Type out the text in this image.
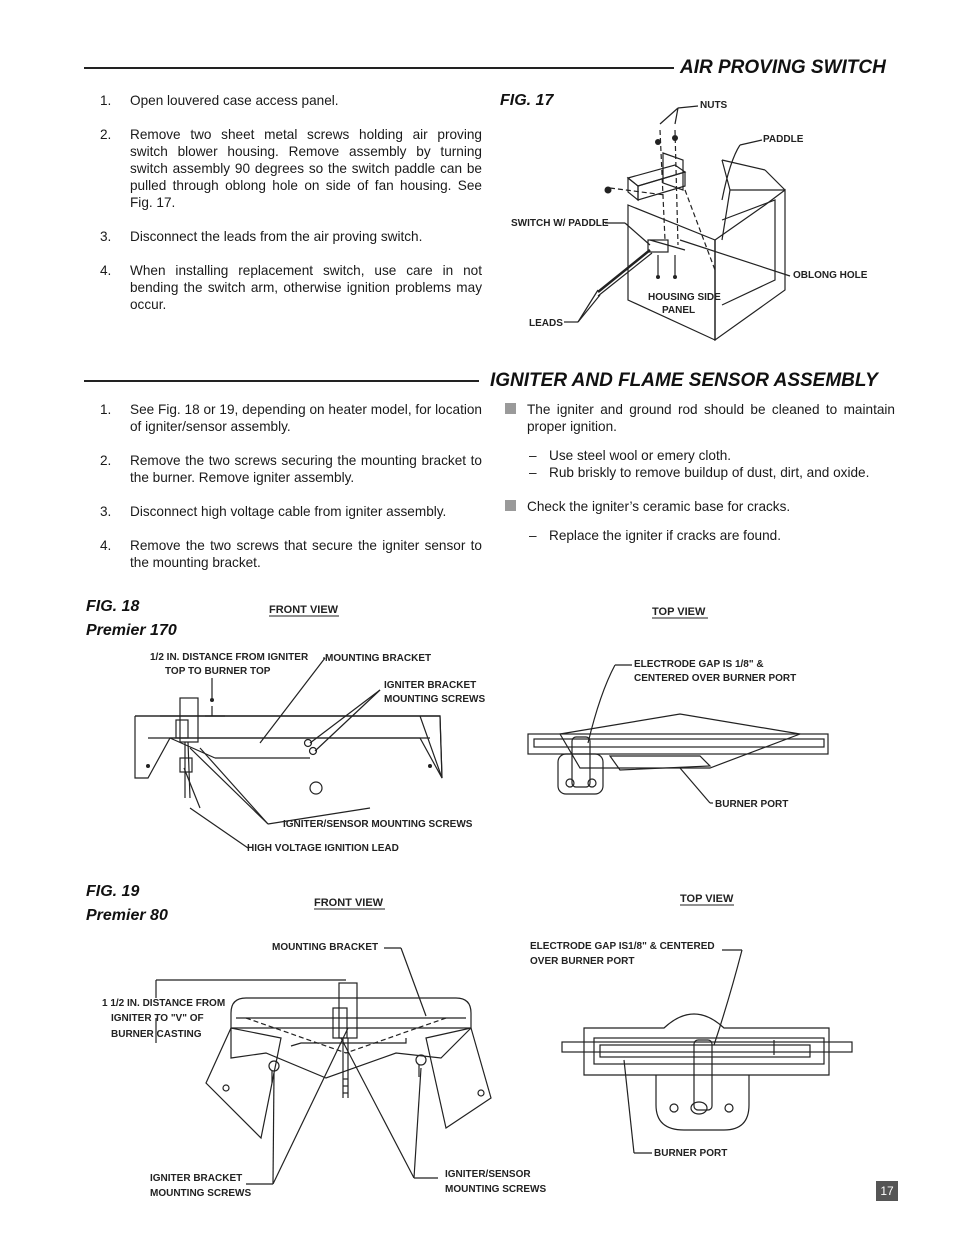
AIR PROVING SWITCH
1. Open louvered case access panel.
2. Remove two sheet metal screws holding air proving switch blower housing. Remove assembly by turning switch assembly 90 degrees so the switch paddle can be pulled through oblong hole on side of fan housing. See Fig. 17.
3. Disconnect the leads from the air proving switch.
4. When installing replacement switch, use care in not bending the switch arm, otherwise ignition problems may occur.
FIG. 17	NUTS
PADDLE
SWITCH W/ PADDLE
OBLONG HOLE
HOUSING SIDE
PANEL
LEADS
IGNITER AND FLAME SENSOR ASSEMBLY
1. See Fig. 18 or 19, depending on heater model, for location of igniter/sensor assembly.
2. Remove the two screws securing the mounting bracket to the burner. Remove igniter assembly.
3. Disconnect high voltage cable from igniter assembly.
4. Remove the two screws that secure the igniter sensor to the mounting bracket.
The igniter and ground rod should be cleaned to maintain proper ignition.
– Use steel wool or emery cloth.
– Rub briskly to remove buildup of dust, dirt, and oxide.
Check the igniter’s ceramic base for cracks.
– Replace the igniter if cracks are found.
FIG. 18
Premier 170
FRONT VIEW
1/2 IN. DISTANCE FROM IGNITER
TOP TO BURNER TOP
MOUNTING BRACKET
IGNITER BRACKET
MOUNTING SCREWS
IGNITER/SENSOR MOUNTING SCREWS
HIGH VOLTAGE IGNITION LEAD
TOP VIEW
ELECTRODE GAP IS 1/8" &
CENTERED OVER BURNER PORT
BURNER PORT
FIG. 19
Premier 80
FRONT VIEW
MOUNTING BRACKET
1 1/2 IN. DISTANCE FROM
IGNITER TO "V" OF
BURNER CASTING
IGNITER BRACKET
MOUNTING SCREWS
IGNITER/SENSOR
MOUNTING SCREWS
TOP VIEW
ELECTRODE GAP IS1/8" & CENTERED
OVER BURNER PORT
BURNER PORT
17
